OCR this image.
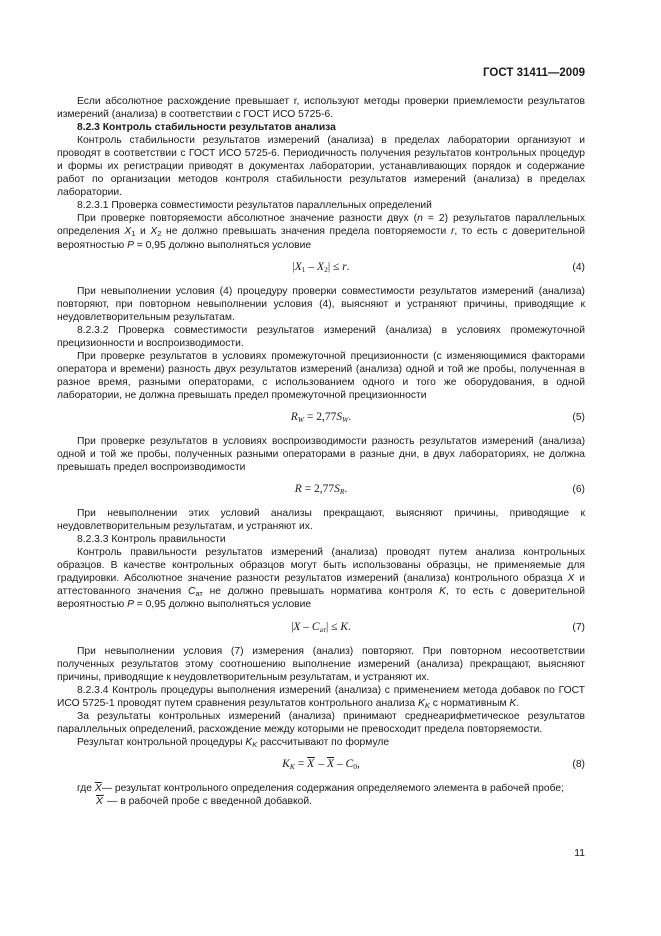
ГОСТ 31411—2009

Если абсолютное расхождение превышает r, используют методы проверки приемлемости результатов измерений (анализа) в соответствии с ГОСТ ИСО 5725-6.

8.2.3 Контроль стабильности результатов анализа

Контроль стабильности результатов измерений (анализа) в пределах лаборатории организуют и проводят в соответствии с ГОСТ ИСО 5725-6. Периодичность получения результатов контрольных процедур и формы их регистрации приводят в документах лаборатории, устанавливающих порядок и содержание работ по организации методов контроля стабильности результатов измерений (анализа) в пределах лаборатории.

8.2.3.1 Проверка совместимости результатов параллельных определений

При проверке повторяемости абсолютное значение разности двух (n = 2) результатов параллельных определения $X_1$ и $X_2$ не должно превышать значения предела повторяемости r, то есть с доверительной вероятностью P = 0,95 должно выполняться условие

$|X_1 - X_2| \le r$.	(4)

При невыполнении условия (4) процедуру проверки совместимости результатов измерений (анализа) повторяют, при повторном невыполнении условия (4), выясняют и устраняют причины, приводящие к неудовлетворительным результатам.

8.2.3.2 Проверка совместимости результатов измерений (анализа) в условиях промежуточной прецизионности и воспроизводимости.

При проверке результатов в условиях промежуточной прецизионности (с изменяющимися факторами оператора и времени) разность двух результатов измерений (анализа) одной и той же пробы, полученная в разное время, разными операторами, с использованием одного и того же оборудования, в одной лаборатории, не должна превышать предел промежуточной прецизионности

$R_W = 2,77S_W$.	(5)

При проверке результатов в условиях воспроизводимости разность результатов измерений (анализа) одной и той же пробы, полученных разными операторами в разные дни, в двух лабораториях, не должна превышать предел воспроизводимости

$R = 2,77S_R$.	(6)

При невыполнении этих условий анализы прекращают, выясняют причины, приводящие к неудовлетворительным результатам, и устраняют их.

8.2.3.3 Контроль правильности

Контроль правильности результатов измерений (анализа) проводят путем анализа контрольных образцов. В качестве контрольных образцов могут быть использованы образцы, не применяемые для градуировки. Абсолютное значение разности результатов измерений (анализа) контрольного образца X и аттестованного значения $C_{ат}$ не должно превышать норматива контроля K, то есть с доверительной вероятностью P = 0,95 должно выполняться условие

$|X - C_{ат}| \le K$.	(7)

При невыполнении условия (7) измерения (анализ) повторяют. При повторном несоответствии полученных результатов этому соотношению выполнение измерений (анализа) прекращают, выясняют причины, приводящие к неудовлетворительным результатам, и устраняют их.

8.2.3.4 Контроль процедуры выполнения измерений (анализа) с применением метода добавок по ГОСТ ИСО 5725-1 проводят путем сравнения результатов контрольного анализа $K_K$ с нормативным K.

За результаты контрольных измерений (анализа) принимают среднеарифметическое результатов параллельных определений, расхождение между которыми не превосходит предела повторяемости.

Результат контрольной процедуры $K_K$ рассчитывают по формуле

$K_K = \overline{X}' - \overline{X} - C_0$,	(8)

где $\overline{X}—$ результат контрольного определения содержания определяемого элемента в рабочей пробе;

$\overline{X}'$ — в рабочей пробе с введенной добавкой.

11
